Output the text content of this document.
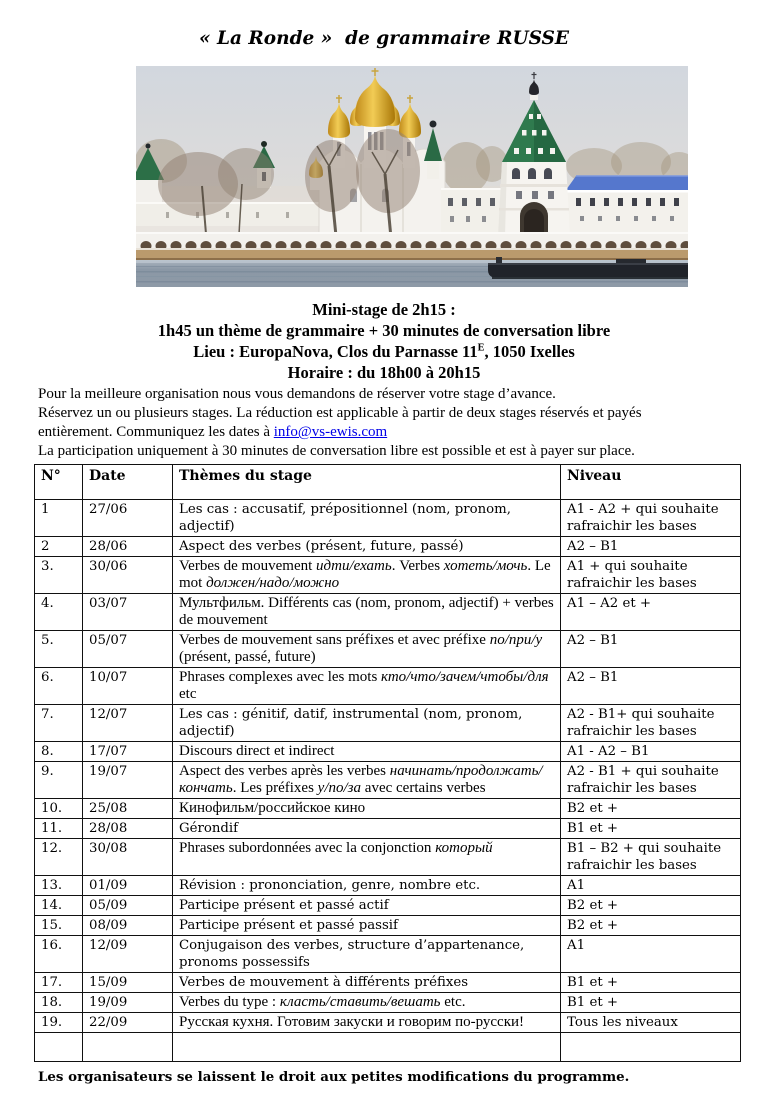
« La Ronde »  de grammaire RUSSE
Mini-stage de 2h15 :
1h45 un thème de grammaire + 30 minutes de conversation libre
Lieu : EuropaNova, Clos du Parnasse $11^E$, 1050 Ixelles
Horaire : du 18h00 à 20h15
Pour la meilleure organisation nous vous demandons de réserver votre stage d’avance.
Réservez un ou plusieurs stages. La réduction est applicable à partir de deux stages réservés et payés
entièrement. Communiquez les dates à info@vs-ewis.com
La participation uniquement à 30 minutes de conversation libre est possible et est à payer sur place.
N°	Date	Thèmes du stage	Niveau
1	27/06	Les cas : accusatif, prépositionnel (nom, pronom, adjectif)	A1 - A2 + qui souhaite rafraichir les bases
2	28/06	Aspect des verbes (présent, future, passé)	A2 – B1
3.	30/06	Verbes de mouvement идти/ехать. Verbes хотеть/мочь. Le mot должен/надо/можно	A1 + qui souhaite rafraichir les bases
4.	03/07	Мультфильм. Différents cas (nom, pronom, adjectif) + verbes de mouvement	A1 – A2 et +
5.	05/07	Verbes de mouvement sans préfixes et avec préfixe по/при/у (présent, passé, future)	A2 – B1
6.	10/07	Phrases complexes avec les mots кто/что/зачем/чтобы/для etc	A2 – B1
7.	12/07	Les cas : génitif, datif, instrumental (nom, pronom, adjectif)	A2 - B1+ qui souhaite rafraichir les bases
8.	17/07	Discours direct et indirect	A1 - A2 – B1
9.	19/07	Aspect des verbes après les verbes начинать/продолжать/кончать. Les préfixes у/по/за avec certains verbes	A2 - B1 + qui souhaite rafraichir les bases
10.	25/08	Кинофильм/российское кино	B2 et +
11.	28/08	Gérondif	B1 et +
12.	30/08	Phrases subordonnées avec la conjonction который	B1 – B2 + qui souhaite rafraichir les bases
13.	01/09	Révision : prononciation, genre, nombre etc.	A1
14.	05/09	Participe présent et passé actif	B2 et +
15.	08/09	Participe présent et passé passif	B2 et +
16.	12/09	Conjugaison des verbes, structure d’appartenance, pronoms possessifs	A1
17.	15/09	Verbes de mouvement à différents préfixes	B1 et +
18.	19/09	Verbes du type : класть/ставить/вешать etc.	B1 et +
19.	22/09	Русская кухня. Готовим закуски и говорим по-русски!	Tous les niveaux

Les organisateurs se laissent le droit aux petites modifications du programme.
